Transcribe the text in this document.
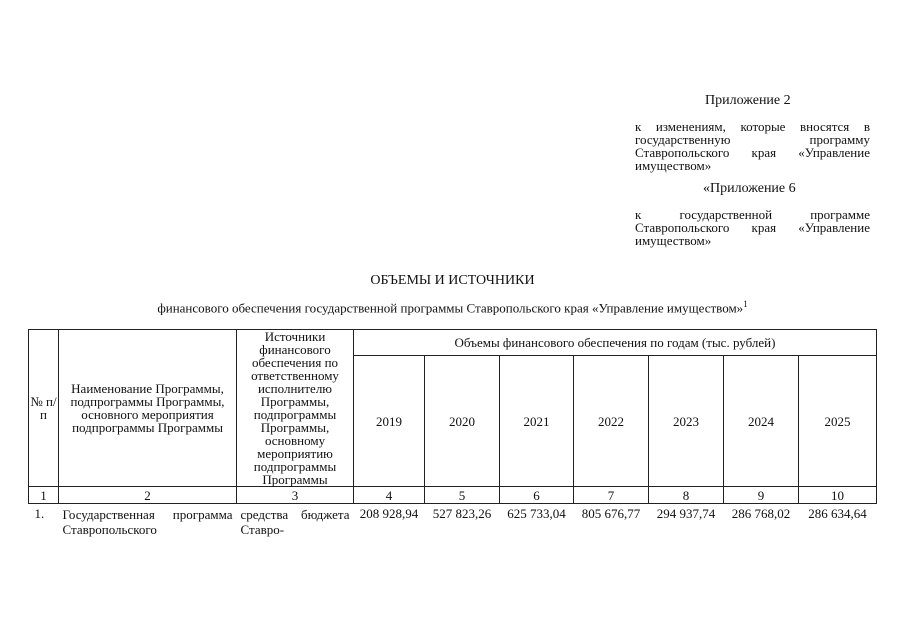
Приложение 2
к изменениям, которые вносятся в государственную программу Ставропольского края «Управление имуществом»
«Приложение 6
к государственной программе Ставропольского края «Управление имуществом»
ОБЪЕМЫ И ИСТОЧНИКИ
финансового обеспечения государственной программы Ставропольского края «Управление имуществом»$^1$
№ п/п	Наименование Программы, подпрограммы Программы, основного мероприятия подпрограммы Программы	Источники финансового обеспечения по ответственному исполнителю Программы, подпрограммы Программы, основному мероприятию подпрограммы Программы	Объемы финансового обеспечения по годам (тыс. рублей)						
			2019	2020	2021	2022	2023	2024	2025
1	2	3	4	5	6	7	8	9	10
1.	Государственная программа Ставропольского	средства бюджета Ставро-	208 928,94	527 823,26	625 733,04	805 676,77	294 937,74	286 768,02	286 634,64
